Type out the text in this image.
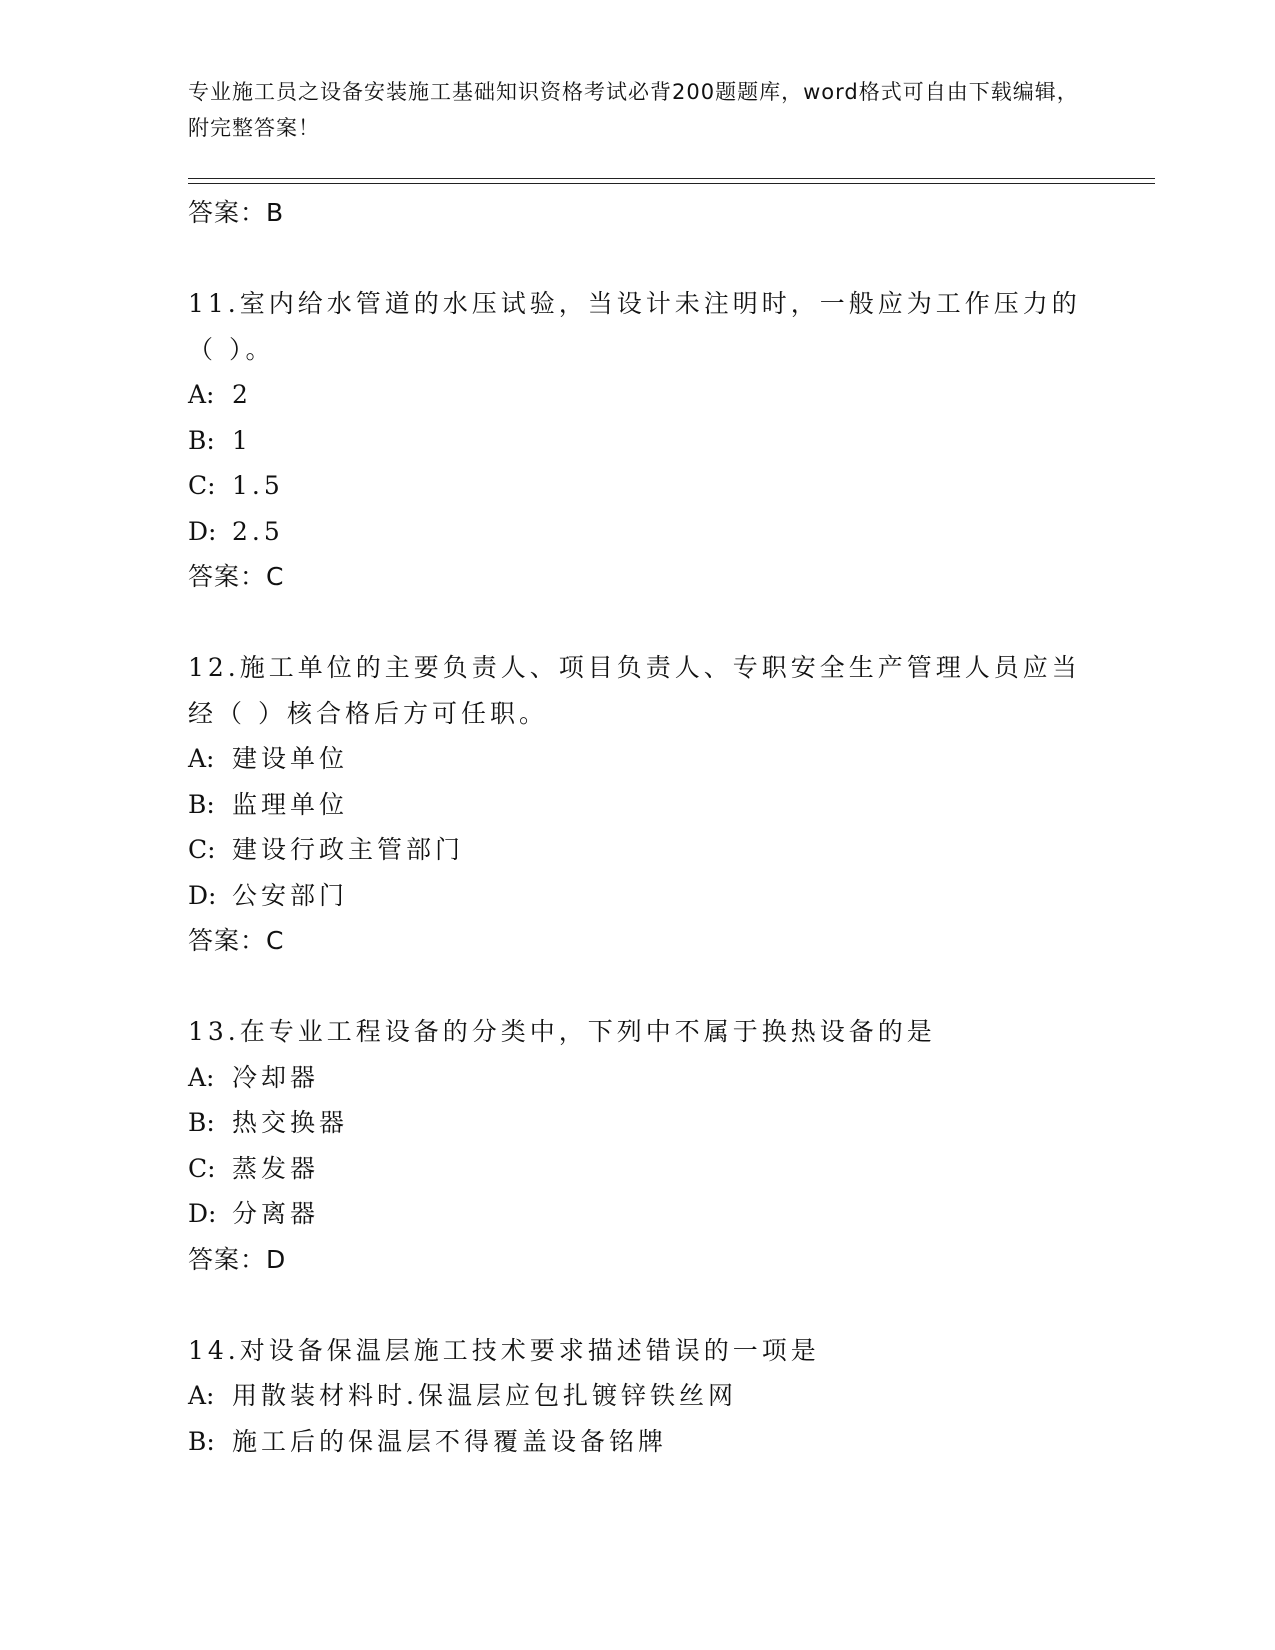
专业施工员之设备安装施工基础知识资格考试必背200题题库，word格式可自由下载编辑，附完整答案！
答案：B
11.室内给水管道的水压试验，当设计未注明时，一般应为工作压力的（ ）。
A: 2
B: 1
C: 1.5
D: 2.5
答案：C
12.施工单位的主要负责人、项目负责人、专职安全生产管理人员应当经（ ）核合格后方可任职。
A: 建设单位
B: 监理单位
C: 建设行政主管部门
D: 公安部门
答案：C
13.在专业工程设备的分类中，下列中不属于换热设备的是
A: 冷却器
B: 热交换器
C: 蒸发器
D: 分离器
答案：D
14.对设备保温层施工技术要求描述错误的一项是
A: 用散装材料时.保温层应包扎镀锌铁丝网
B: 施工后的保温层不得覆盖设备铭牌
